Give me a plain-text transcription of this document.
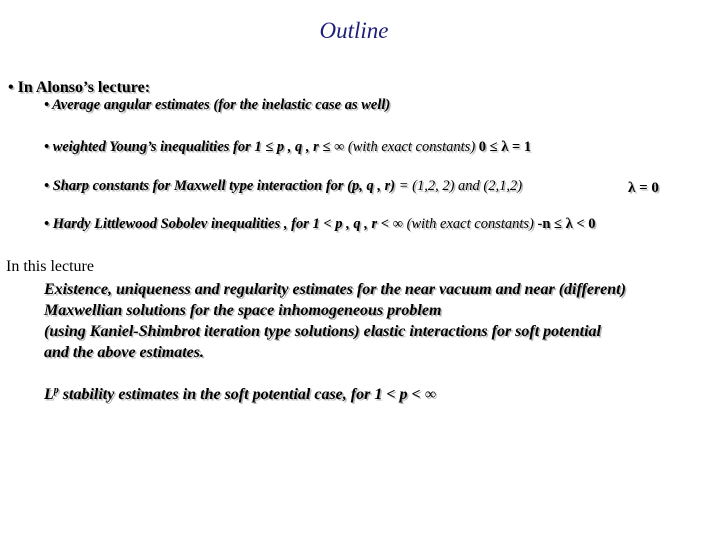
Outline
• In Alonso’s lecture:
• Average angular estimates (for the inelastic case as well)
• weighted Young’s inequalities for 1 ≤ p , q , r ≤ ∞ (with exact constants) 0 ≤ λ = 1
• Sharp constants for Maxwell type interaction for (p, q , r) = (1,2, 2) and (2,1,2)	λ = 0
• Hardy Littlewood Sobolev inequalities , for 1 < p , q , r < ∞ (with exact constants) -n ≤ λ < 0
In this lecture
Existence, uniqueness and regularity estimates for the near vacuum and near (different)
Maxwellian solutions for the space inhomogeneous problem
(using Kaniel-Shimbrot iteration type solutions) elastic interactions for soft potential
and the above estimates.
$L^p$ stability estimates in the soft potential case, for 1 < p < ∞
